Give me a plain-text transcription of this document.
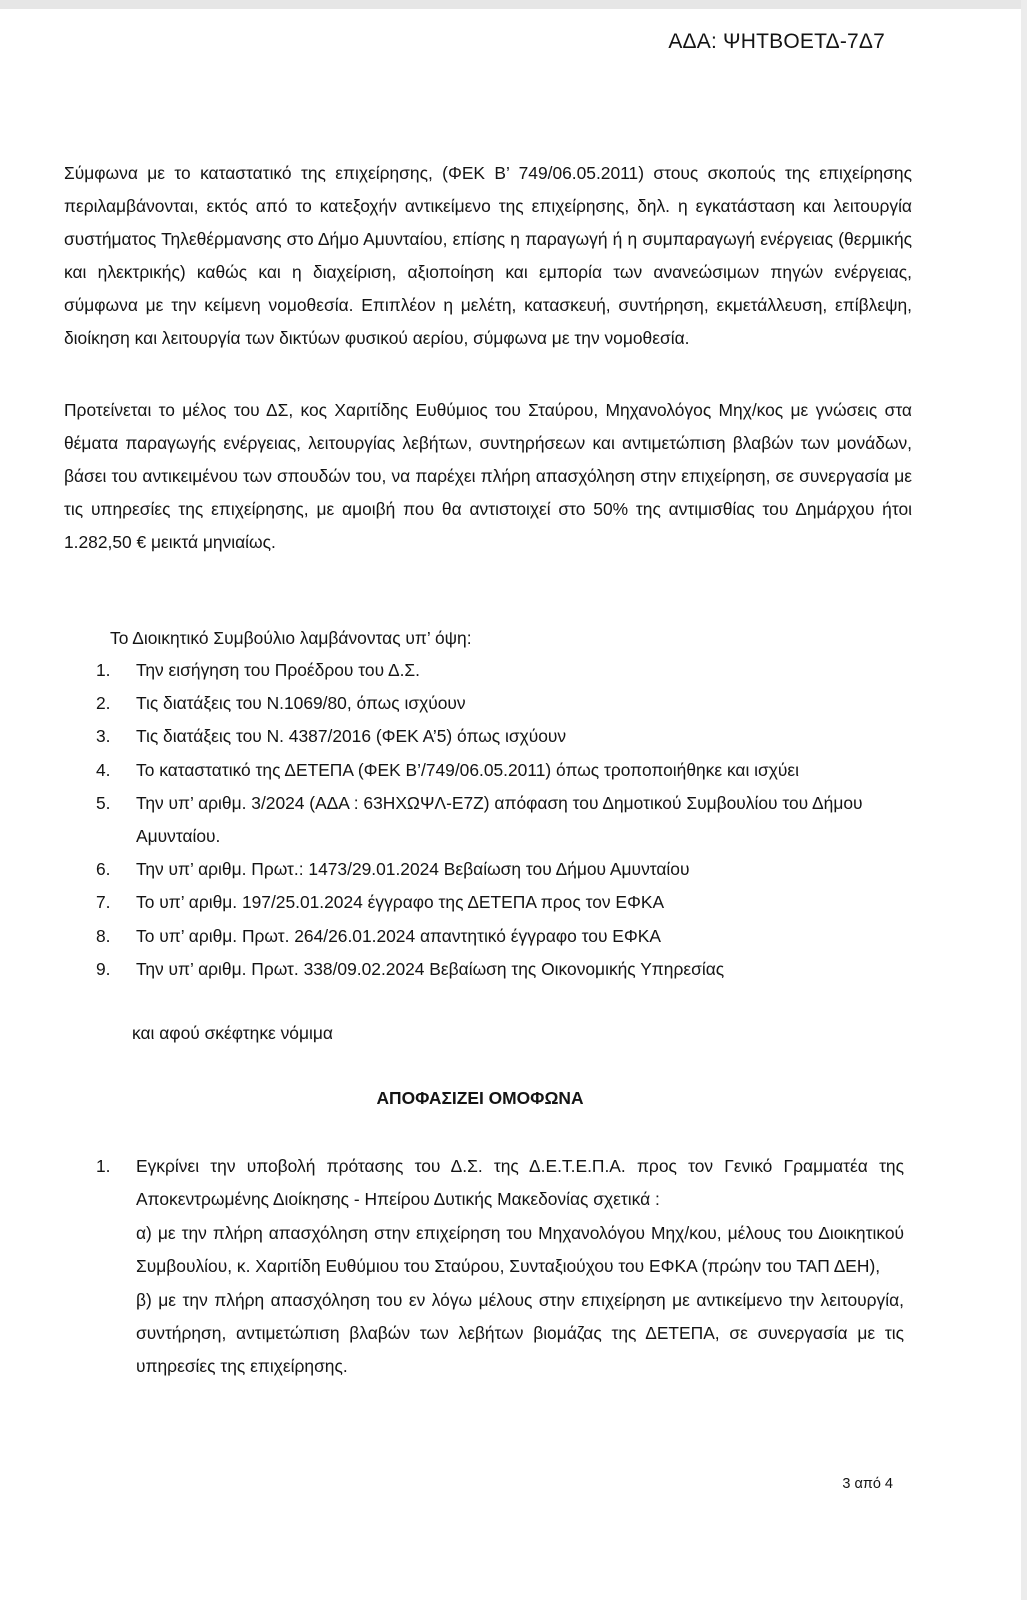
ΑΔΑ: ΨΗΤΒΟΕΤΔ-7Δ7
Σύμφωνα με το καταστατικό της επιχείρησης, (ΦΕΚ Β’ 749/06.05.2011) στους σκοπούς της επιχείρησης περιλαμβάνονται, εκτός από το κατεξοχήν αντικείμενο της επιχείρησης, δηλ. η εγκατάσταση και λειτουργία συστήματος Τηλεθέρμανσης στο Δήμο Αμυνταίου, επίσης η παραγωγή ή η συμπαραγωγή ενέργειας (θερμικής και ηλεκτρικής) καθώς και η διαχείριση, αξιοποίηση και εμπορία των ανανεώσιμων πηγών ενέργειας, σύμφωνα με την κείμενη νομοθεσία. Επιπλέον η μελέτη, κατασκευή, συντήρηση, εκμετάλλευση, επίβλεψη, διοίκηση και λειτουργία των δικτύων φυσικού αερίου, σύμφωνα με την νομοθεσία.
Προτείνεται το μέλος του ΔΣ, κος Χαριτίδης Ευθύμιος του Σταύρου, Μηχανολόγος Μηχ/κος με γνώσεις στα θέματα παραγωγής ενέργειας, λειτουργίας λεβήτων, συντηρήσεων και αντιμετώπιση βλαβών των μονάδων, βάσει του αντικειμένου των σπουδών του, να παρέχει πλήρη απασχόληση στην επιχείρηση, σε συνεργασία με τις υπηρεσίες της επιχείρησης, με αμοιβή που θα αντιστοιχεί στο 50% της αντιμισθίας του Δημάρχου ήτοι 1.282,50 € μεικτά μηνιαίως.
Το Διοικητικό Συμβούλιο λαμβάνοντας υπ’ όψη:
1.	Την εισήγηση του Προέδρου του Δ.Σ.
2.	Τις διατάξεις του Ν.1069/80, όπως ισχύουν
3.	Τις διατάξεις του Ν. 4387/2016 (ΦΕΚ Α’5) όπως ισχύουν
4.	Το καταστατικό της ΔΕΤΕΠΑ (ΦΕΚ Β’/749/06.05.2011) όπως τροποποιήθηκε και ισχύει
5.	Την υπ’ αριθμ. 3/2024 (ΑΔΑ : 63ΗΧΩΨΛ-Ε7Ζ) απόφαση του Δημοτικού Συμβουλίου του Δήμου Αμυνταίου.
6.	Την υπ’ αριθμ. Πρωτ.: 1473/29.01.2024 Βεβαίωση του Δήμου Αμυνταίου
7.	Το υπ’ αριθμ. 197/25.01.2024 έγγραφο της ΔΕΤΕΠΑ προς τον ΕΦΚΑ
8.	Το υπ’ αριθμ. Πρωτ. 264/26.01.2024 απαντητικό έγγραφο του ΕΦΚΑ
9.	Την υπ’ αριθμ. Πρωτ. 338/09.02.2024 Βεβαίωση της Οικονομικής Υπηρεσίας
και αφού σκέφτηκε νόμιμα
ΑΠΟΦΑΣΙΖΕΙ ΟΜΟΦΩΝΑ
1.	Εγκρίνει την υποβολή πρότασης του Δ.Σ. της Δ.Ε.Τ.Ε.Π.Α. προς τον Γενικό Γραμματέα της Αποκεντρωμένης Διοίκησης - Ηπείρου Δυτικής Μακεδονίας σχετικά :

α) με την πλήρη απασχόληση στην επιχείρηση του Μηχανολόγου Μηχ/κου, μέλους του Διοικητικού Συμβουλίου, κ. Χαριτίδη Ευθύμιου του Σταύρου, Συνταξιούχου του ΕΦΚΑ (πρώην του ΤΑΠ ΔΕΗ),

β) με την πλήρη απασχόληση του εν λόγω μέλους στην επιχείρηση με αντικείμενο την λειτουργία, συντήρηση, αντιμετώπιση βλαβών των λεβήτων βιομάζας της ΔΕΤΕΠΑ, σε συνεργασία με τις υπηρεσίες της επιχείρησης.

3 από 4
